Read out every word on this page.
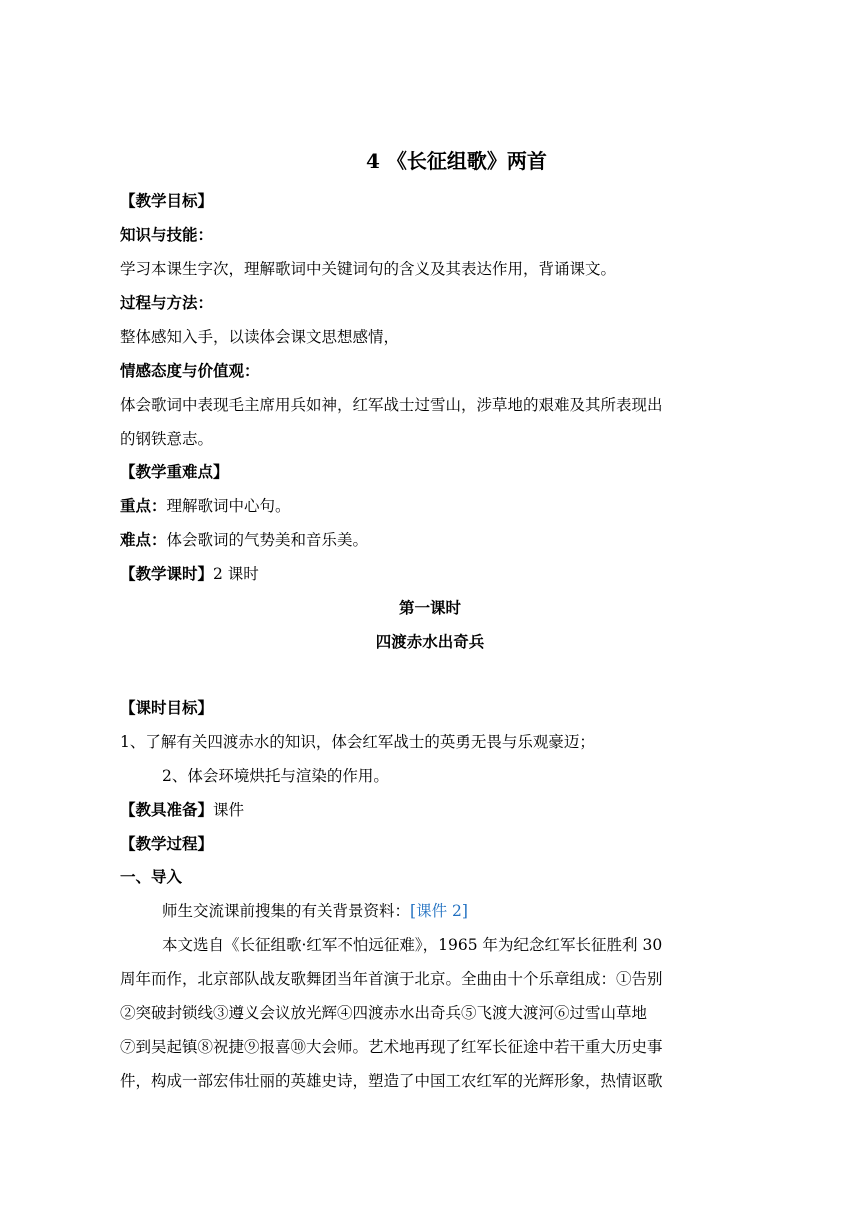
4 《长征组歌》两首
【教学目标】
知识与技能：
学习本课生字次，理解歌词中关键词句的含义及其表达作用，背诵课文。
过程与方法：
整体感知入手，以读体会课文思想感情，
情感态度与价值观：
体会歌词中表现毛主席用兵如神，红军战士过雪山，涉草地的艰难及其所表现出
的钢铁意志。
【教学重难点】
重点：理解歌词中心句。
难点：体会歌词的气势美和音乐美。
【教学课时】2 课时
第一课时
四渡赤水出奇兵
【课时目标】
1、了解有关四渡赤水的知识，体会红军战士的英勇无畏与乐观豪迈；
2、体会环境烘托与渲染的作用。
【教具准备】课件
【教学过程】
一、导入
师生交流课前搜集的有关背景资料：[课件 2]
本文选自《长征组歌·红军不怕远征难》，1965 年为纪念红军长征胜利 30
周年而作，北京部队战友歌舞团当年首演于北京。全曲由十个乐章组成：①告别
②突破封锁线③遵义会议放光辉④四渡赤水出奇兵⑤飞渡大渡河⑥过雪山草地
⑦到吴起镇⑧祝捷⑨报喜⑩大会师。艺术地再现了红军长征途中若干重大历史事
件，构成一部宏伟壮丽的英雄史诗，塑造了中国工农红军的光辉形象，热情讴歌
